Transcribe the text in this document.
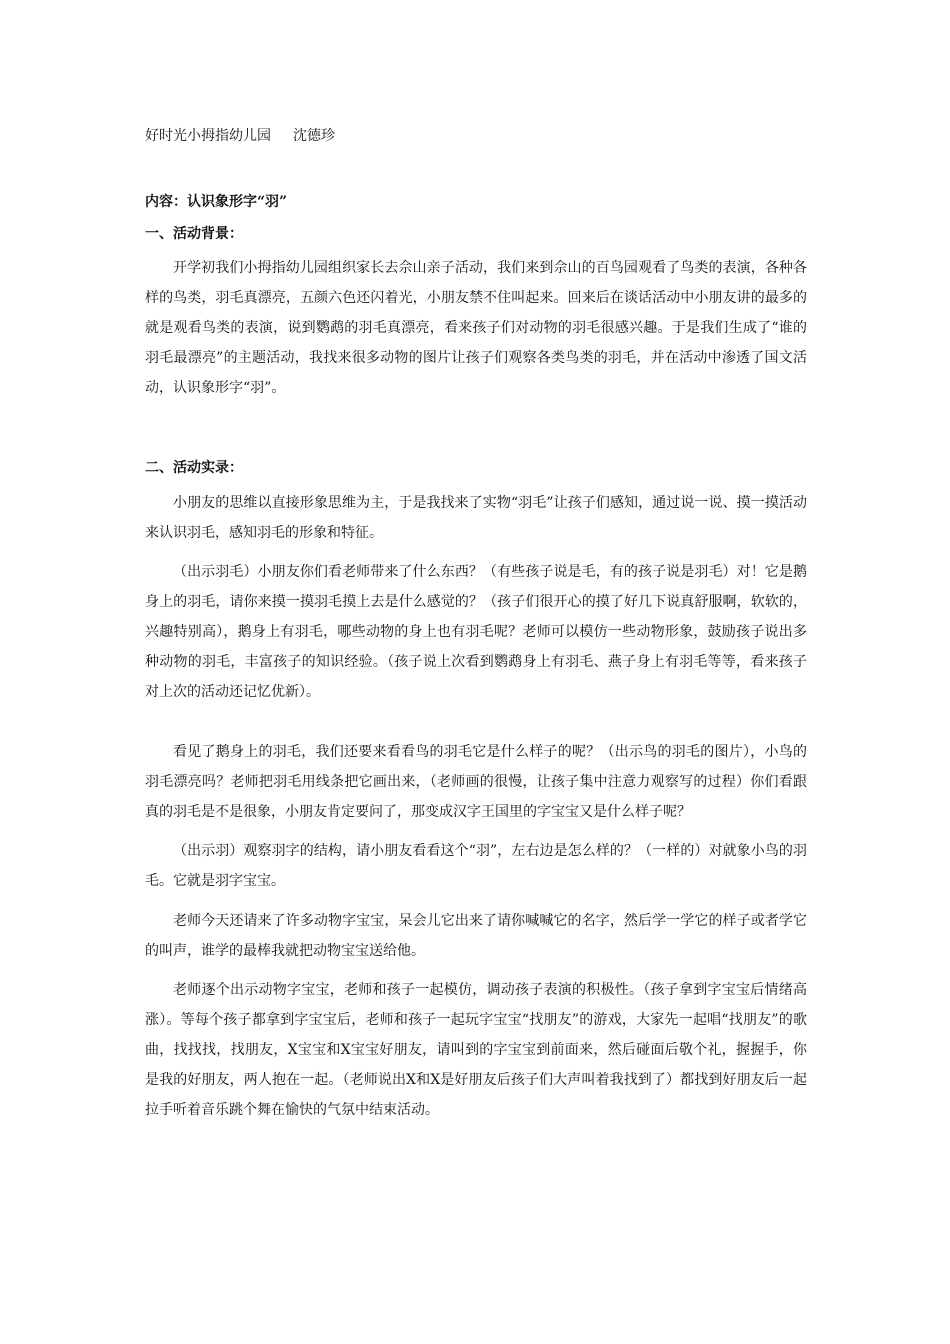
好时光小拇指幼儿园 沈德珍
内容：认识象形字“羽”
一、活动背景：

开学初我们小拇指幼儿园组织家长去佘山亲子活动，我们来到佘山的百鸟园观看了鸟类的表演，各种各样的鸟类，羽毛真漂亮，五颜六色还闪着光，小朋友禁不住叫起来。回来后在谈话活动中小朋友讲的最多的就是观看鸟类的表演，说到鹦鹉的羽毛真漂亮，看来孩子们对动物的羽毛很感兴趣。于是我们生成了“谁的羽毛最漂亮”的主题活动，我找来很多动物的图片让孩子们观察各类鸟类的羽毛，并在活动中渗透了国文活动，认识象形字“羽”。

二、活动实录：

小朋友的思维以直接形象思维为主，于是我找来了实物“羽毛”让孩子们感知，通过说一说、摸一摸活动来认识羽毛，感知羽毛的形象和特征。

（出示羽毛）小朋友你们看老师带来了什么东西？（有些孩子说是毛，有的孩子说是羽毛）对！它是鹅身上的羽毛，请你来摸一摸羽毛摸上去是什么感觉的？（孩子们很开心的摸了好几下说真舒服啊，软软的，兴趣特别高），鹅身上有羽毛，哪些动物的身上也有羽毛呢？老师可以模仿一些动物形象，鼓励孩子说出多种动物的羽毛，丰富孩子的知识经验。（孩子说上次看到鹦鹉身上有羽毛、燕子身上有羽毛等等，看来孩子对上次的活动还记忆优新）。

看见了鹅身上的羽毛，我们还要来看看鸟的羽毛它是什么样子的呢？（出示鸟的羽毛的图片），小鸟的羽毛漂亮吗？老师把羽毛用线条把它画出来，（老师画的很慢，让孩子集中注意力观察写的过程）你们看跟真的羽毛是不是很象，小朋友肯定要问了，那变成汉字王国里的字宝宝又是什么样子呢？

（出示羽）观察羽字的结构，请小朋友看看这个“羽”，左右边是怎么样的？（一样的）对就象小鸟的羽毛。它就是羽字宝宝。

老师今天还请来了许多动物字宝宝，呆会儿它出来了请你喊喊它的名字，然后学一学它的样子或者学它的叫声，谁学的最棒我就把动物宝宝送给他。

老师逐个出示动物字宝宝，老师和孩子一起模仿，调动孩子表演的积极性。（孩子拿到字宝宝后情绪高涨）。等每个孩子都拿到字宝宝后，老师和孩子一起玩字宝宝“找朋友”的游戏，大家先一起唱“找朋友”的歌曲，找找找，找朋友，X宝宝和X宝宝好朋友，请叫到的字宝宝到前面来，然后碰面后敬个礼，握握手，你是我的好朋友，两人抱在一起。（老师说出X和X是好朋友后孩子们大声叫着我找到了）都找到好朋友后一起拉手听着音乐跳个舞在愉快的气氛中结束活动。
